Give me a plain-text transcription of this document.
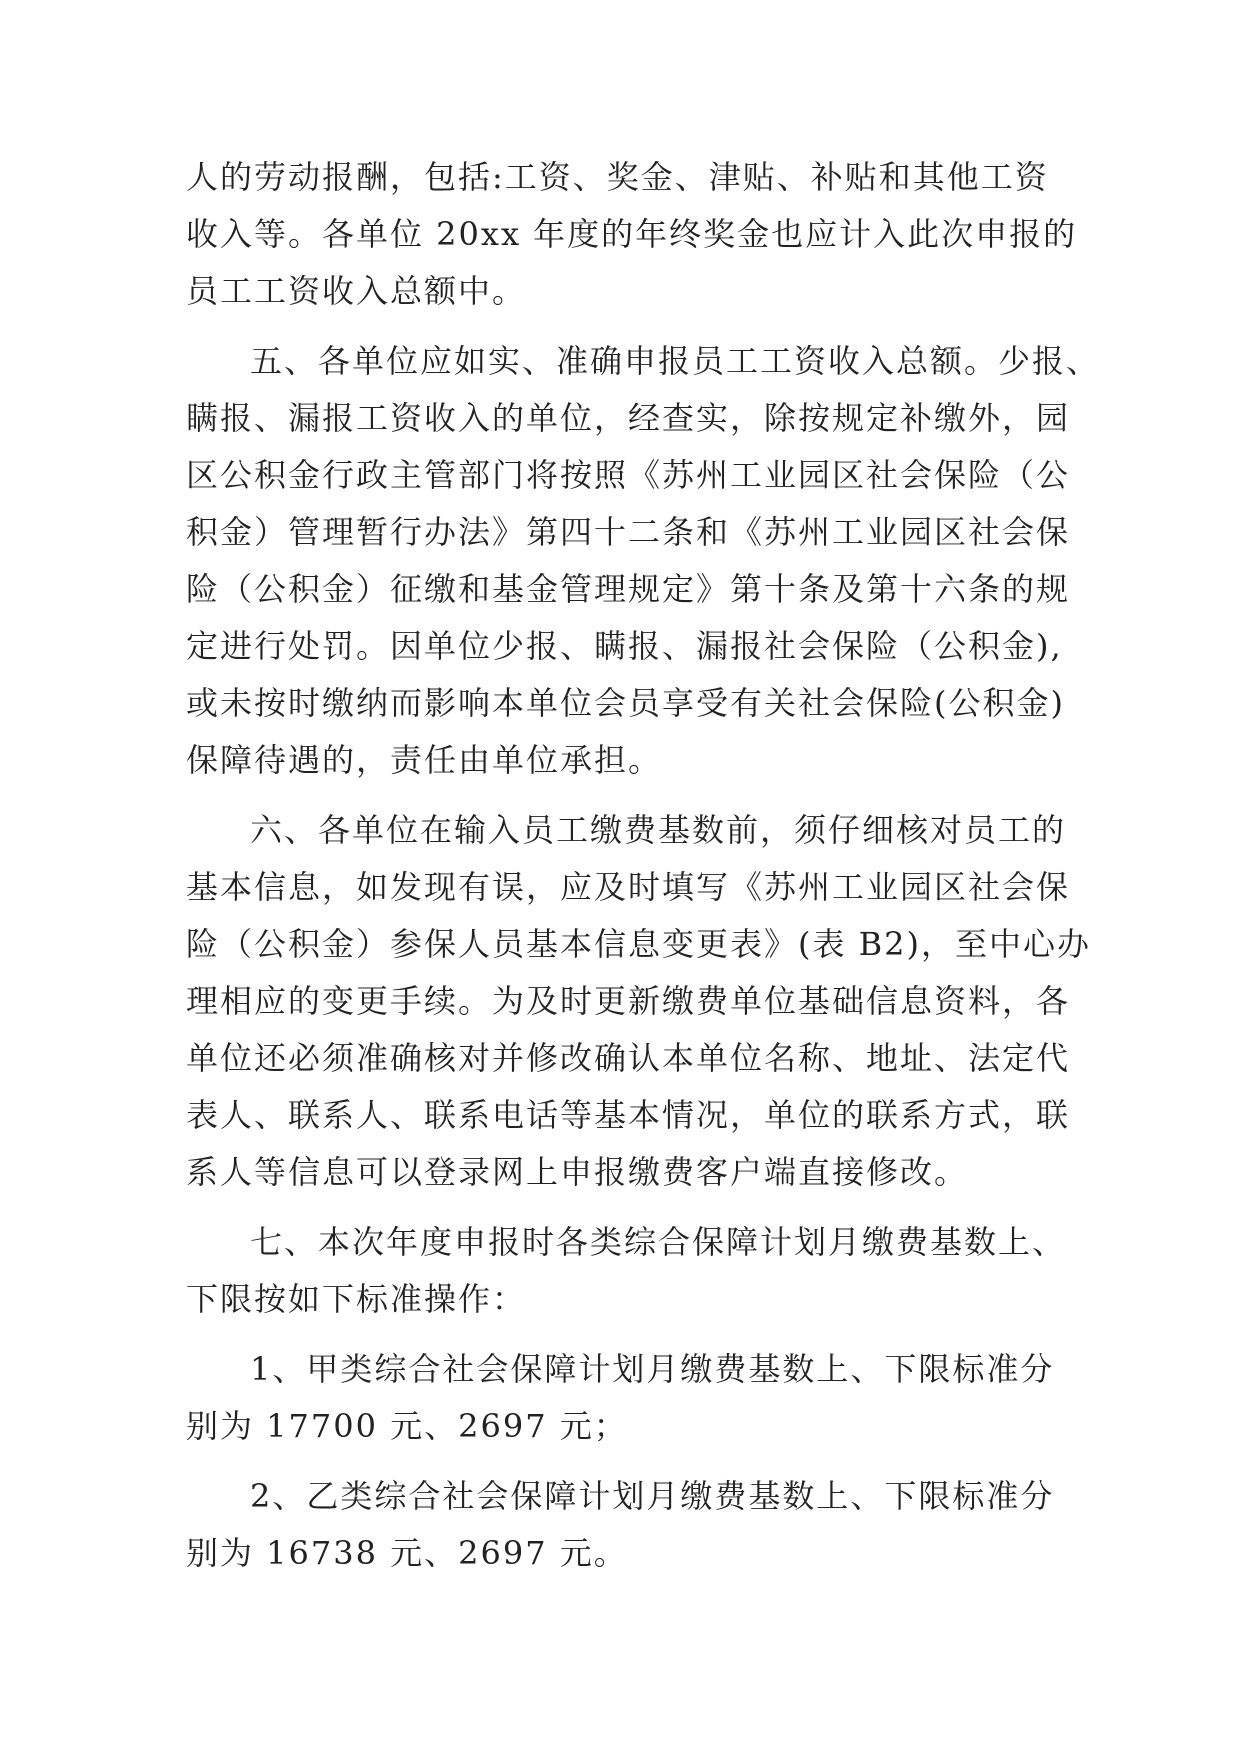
人的劳动报酬，包括:工资、奖金、津贴、补贴和其他工资

收入等。各单位 20xx 年度的年终奖金也应计入此次申报的

员工工资收入总额中。

五、各单位应如实、准确申报员工工资收入总额。少报、

瞒报、漏报工资收入的单位，经查实，除按规定补缴外，园

区公积金行政主管部门将按照《苏州工业园区社会保险（公

积金）管理暂行办法》第四十二条和《苏州工业园区社会保

险（公积金）征缴和基金管理规定》第十条及第十六条的规

定进行处罚。因单位少报、瞒报、漏报社会保险（公积金),

或未按时缴纳而影响本单位会员享受有关社会保险(公积金)

保障待遇的，责任由单位承担。

六、各单位在输入员工缴费基数前，须仔细核对员工的

基本信息，如发现有误，应及时填写《苏州工业园区社会保

险（公积金）参保人员基本信息变更表》(表 B2)，至中心办

理相应的变更手续。为及时更新缴费单位基础信息资料，各

单位还必须准确核对并修改确认本单位名称、地址、法定代

表人、联系人、联系电话等基本情况，单位的联系方式，联

系人等信息可以登录网上申报缴费客户端直接修改。

七、本次年度申报时各类综合保障计划月缴费基数上、

下限按如下标准操作：

1、甲类综合社会保障计划月缴费基数上、下限标准分

别为 17700 元、2697 元；

2、乙类综合社会保障计划月缴费基数上、下限标准分

别为 16738 元、2697 元。
